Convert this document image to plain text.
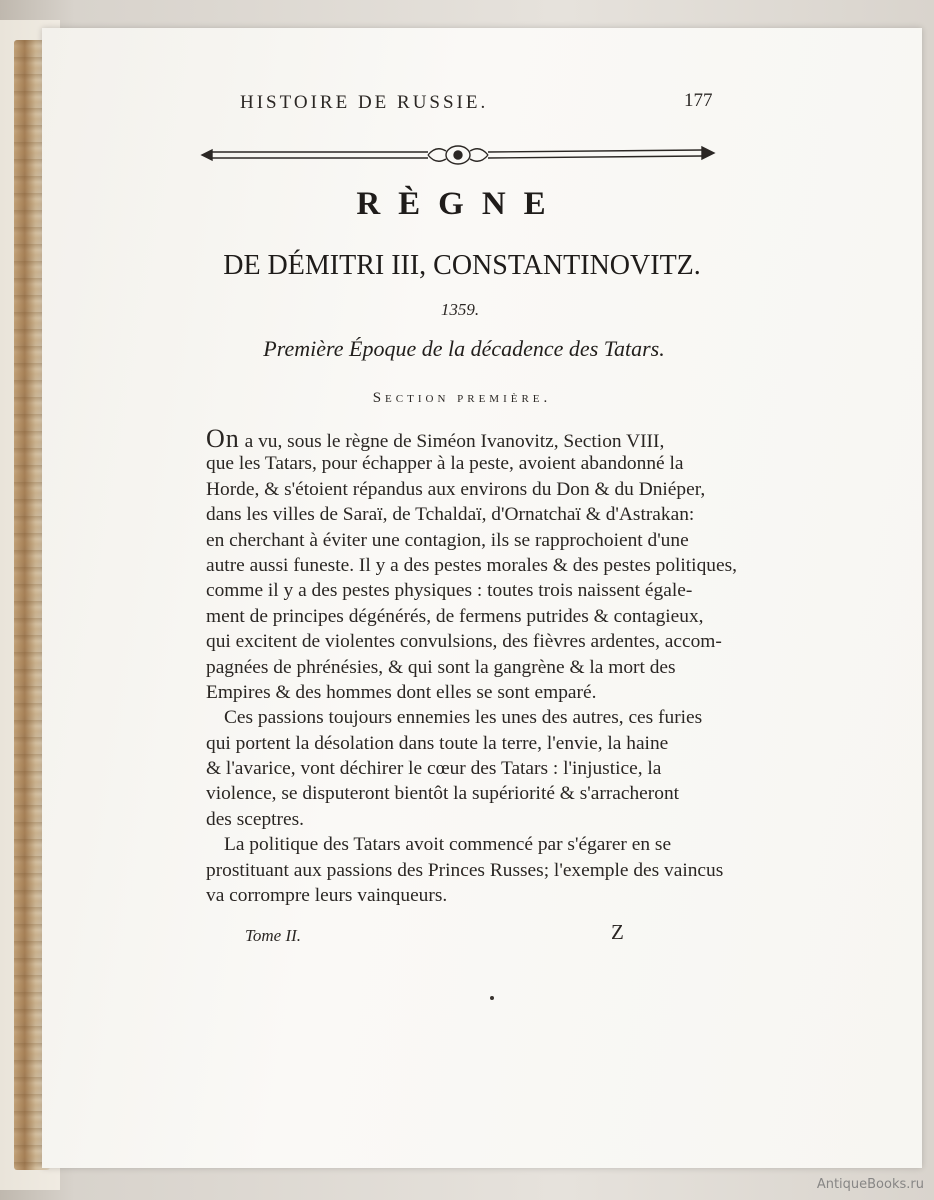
HISTOIRE DE RUSSIE.	177
RÈGNE
DE DÉMITRI III, CONSTANTINOVITZ.
1359.
Première Époque de la décadence des Tatars.
Section première.
On a vu, sous le règne de Siméon Ivanovitz, Section VIII,
que les Tatars, pour échapper à la peste, avoient abandonné la
Horde, & s'étoient répandus aux environs du Don & du Dniéper,
dans les villes de Saraï, de Tchaldaï, d'Ornatchaï & d'Astrakan:
en cherchant à éviter une contagion, ils se rapprochoient d'une
autre aussi funeste. Il y a des pestes morales & des pestes politiques,
comme il y a des pestes physiques : toutes trois naissent égale-
ment de principes dégénérés, de fermens putrides & contagieux,
qui excitent de violentes convulsions, des fièvres ardentes, accom-
pagnées de phrénésies, & qui sont la gangrène & la mort des
Empires & des hommes dont elles se sont emparé.
Ces passions toujours ennemies les unes des autres, ces furies
qui portent la désolation dans toute la terre, l'envie, la haine
& l'avarice, vont déchirer le cœur des Tatars : l'injustice, la
violence, se disputeront bientôt la supériorité & s'arracheront
des sceptres.
La politique des Tatars avoit commencé par s'égarer en se
prostituant aux passions des Princes Russes; l'exemple des vaincus
va corrompre leurs vainqueurs.
Tome II.	Z
AntiqueBooks.ru
